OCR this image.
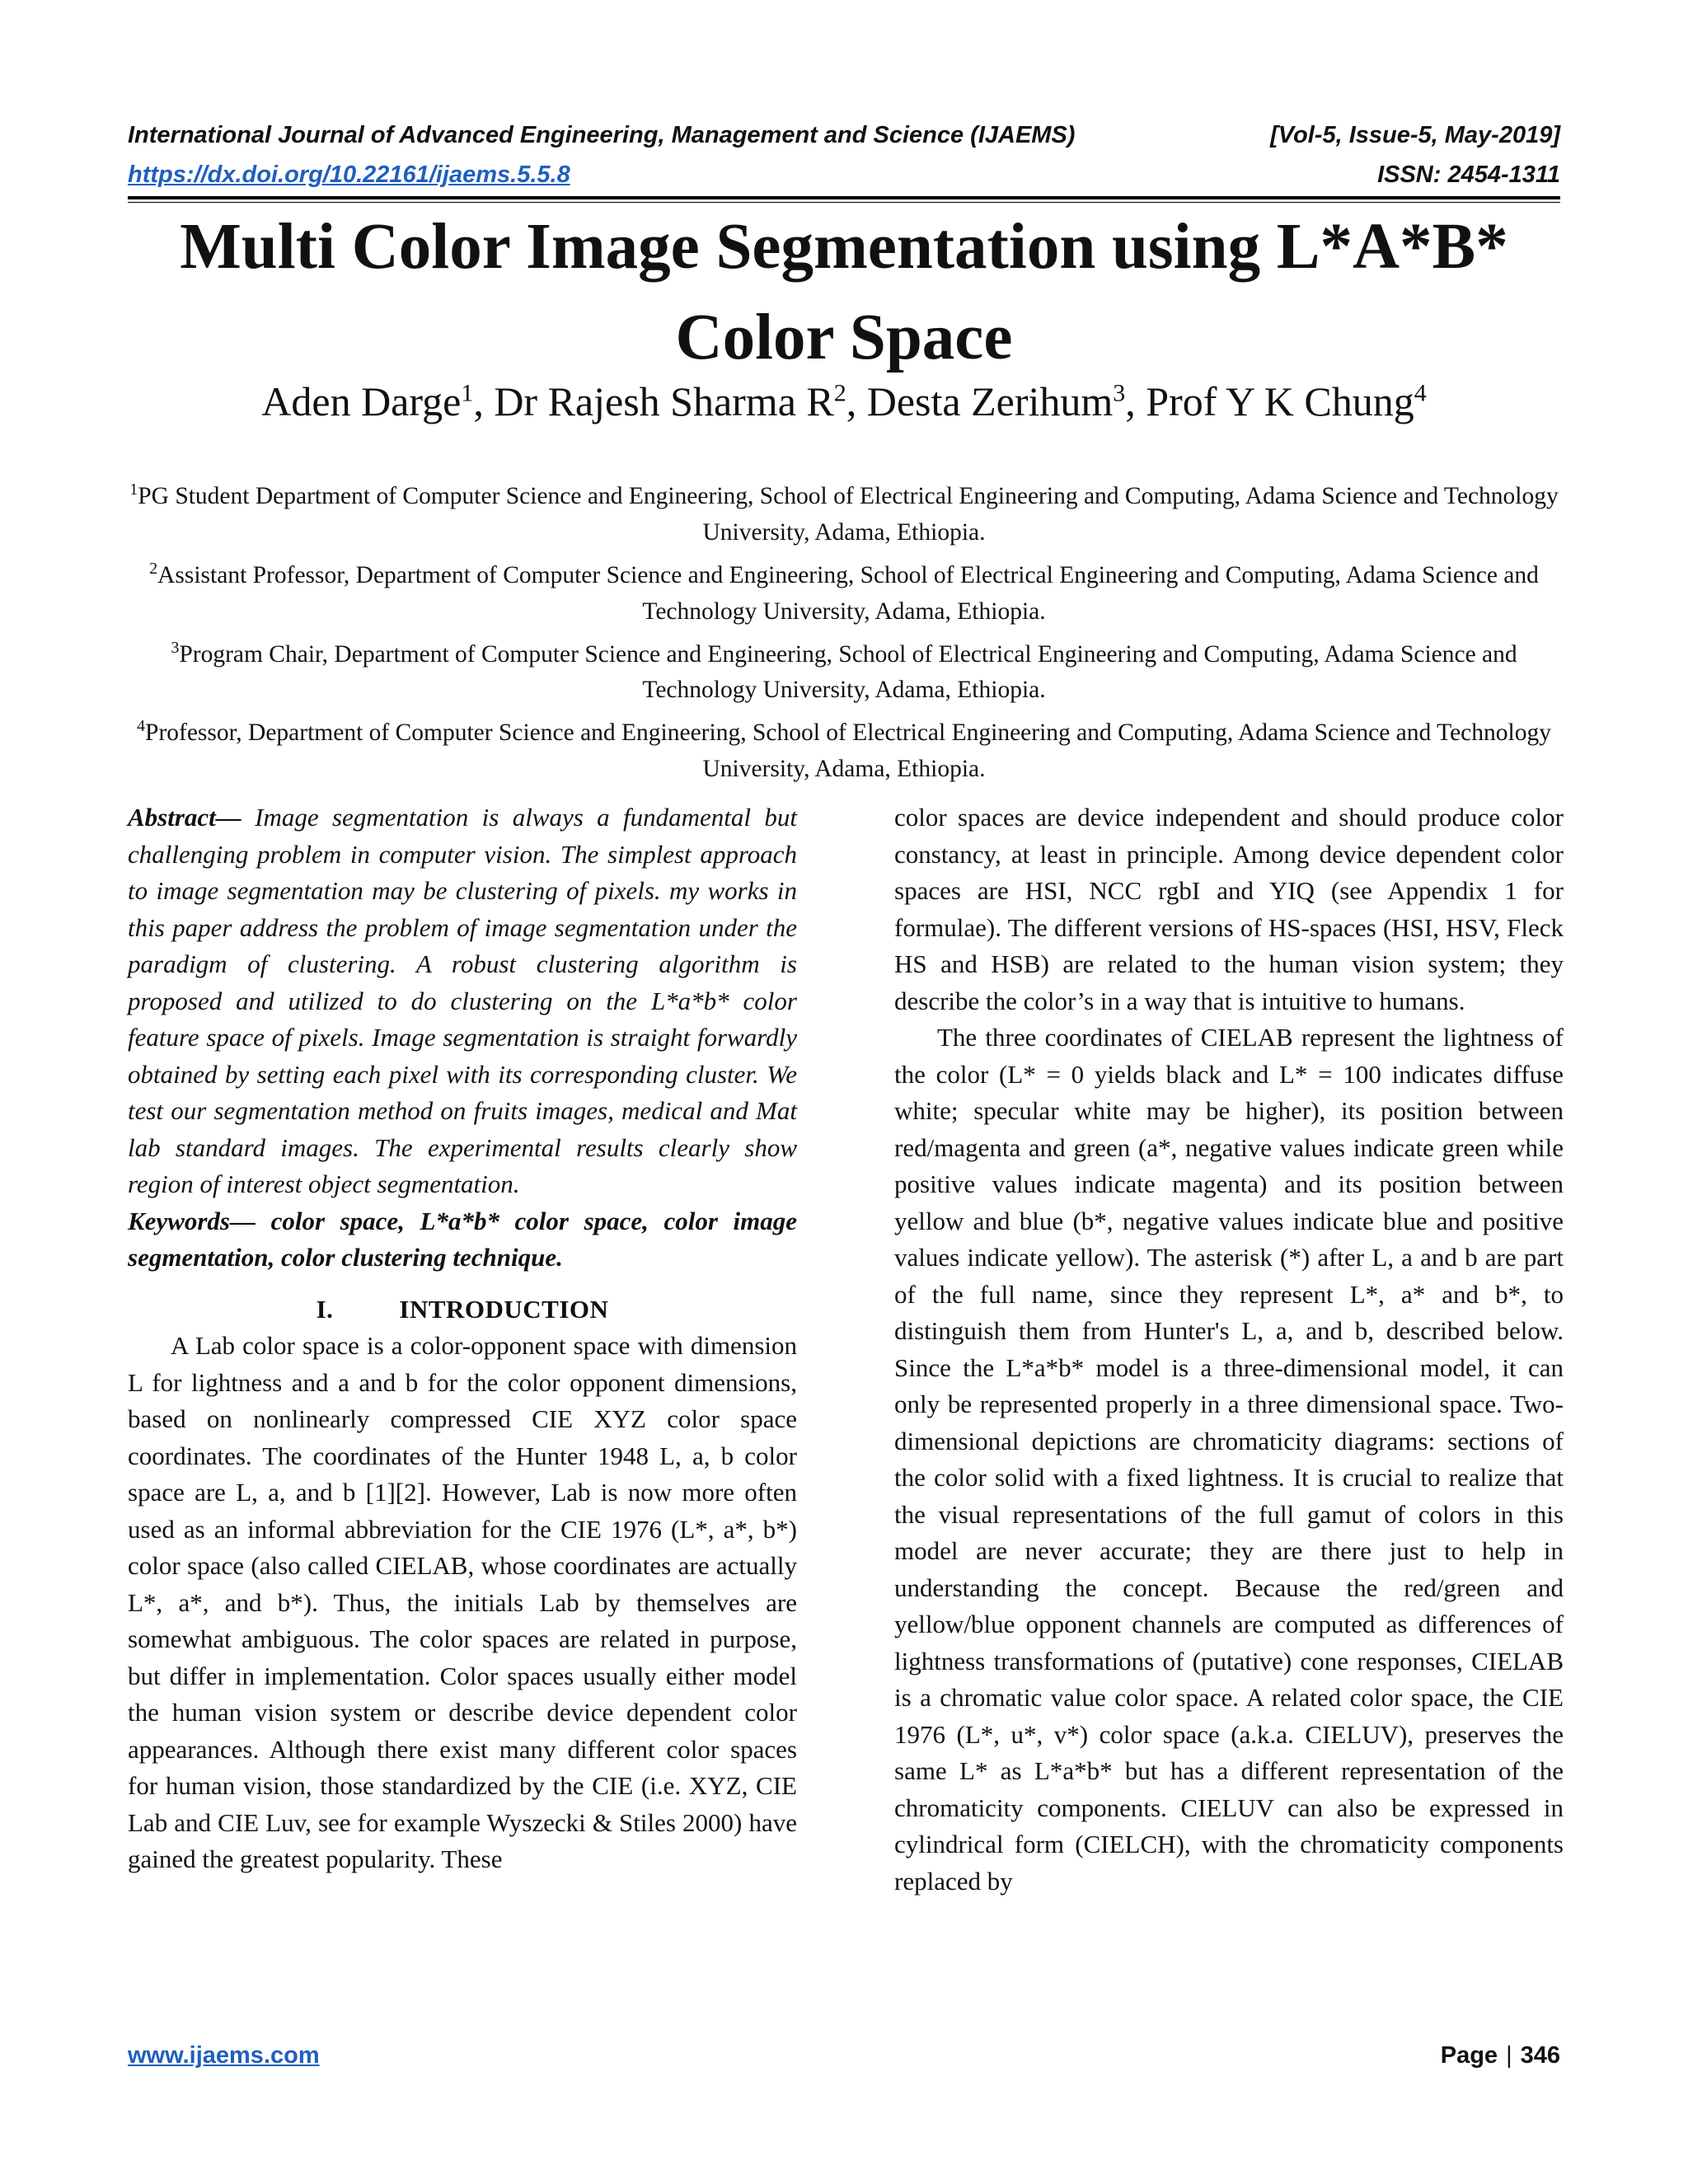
International Journal of Advanced Engineering, Management and Science (IJAEMS)	[Vol-5, Issue-5, May-2019]
https://dx.doi.org/10.22161/ijaems.5.5.8	ISSN: 2454-1311
Multi Color Image Segmentation using L*A*B*
Color Space
Aden Darge$^1$, Dr Rajesh Sharma $R^2$, Desta Zerihum$^3$, Prof Y K Chung$^4$

$^1$PG Student Department of Computer Science and Engineering, School of Electrical Engineering and Computing, Adama Science and Technology University, Adama, Ethiopia.

$^2$Assistant Professor, Department of Computer Science and Engineering, School of Electrical Engineering and Computing, Adama Science and Technology University, Adama, Ethiopia.

$^3$Program Chair, Department of Computer Science and Engineering, School of Electrical Engineering and Computing, Adama Science and Technology University, Adama, Ethiopia.

$^4$Professor, Department of Computer Science and Engineering, School of Electrical Engineering and Computing, Adama Science and Technology University, Adama, Ethiopia.

Abstract— Image segmentation is always a fundamental but challenging problem in computer vision. The simplest approach to image segmentation may be clustering of pixels. my works in this paper address the problem of image segmentation under the paradigm of clustering. A robust clustering algorithm is proposed and utilized to do clustering on the L*a*b* color feature space of pixels. Image segmentation is straight forwardly obtained by setting each pixel with its corresponding cluster. We test our segmentation method on fruits images, medical and Mat lab standard images. The experimental results clearly show region of interest object segmentation.

Keywords— color space, L*a*b* color space, color image segmentation, color clustering technique.

I.	INTRODUCTION

A Lab color space is a color-opponent space with dimension L for lightness and a and b for the color opponent dimensions, based on nonlinearly compressed CIE XYZ color space coordinates. The coordinates of the Hunter 1948 L, a, b color space are L, a, and b [1][2]. However, Lab is now more often used as an informal abbreviation for the CIE 1976 (L*, a*, b*) color space (also called CIELAB, whose coordinates are actually L*, a*, and b*). Thus, the initials Lab by themselves are somewhat ambiguous. The color spaces are related in purpose, but differ in implementation. Color spaces usually either model the human vision system or describe device dependent color appearances. Although there exist many different color spaces for human vision, those standardized by the CIE (i.e. XYZ, CIE Lab and CIE Luv, see for example Wyszecki & Stiles 2000) have gained the greatest popularity. These

color spaces are device independent and should produce color constancy, at least in principle. Among device dependent color spaces are HSI, NCC rgbI and YIQ (see Appendix 1 for formulae). The different versions of HS-spaces (HSI, HSV, Fleck HS and HSB) are related to the human vision system; they describe the color’s in a way that is intuitive to humans.

The three coordinates of CIELAB represent the lightness of the color (L* = 0 yields black and L* = 100 indicates diffuse white; specular white may be higher), its position between red/magenta and green (a*, negative values indicate green while positive values indicate magenta) and its position between yellow and blue (b*, negative values indicate blue and positive values indicate yellow). The asterisk (*) after L, a and b are part of the full name, since they represent L*, a* and b*, to distinguish them from Hunter's L, a, and b, described below. Since the L*a*b* model is a three-dimensional model, it can only be represented properly in a three dimensional space. Two-dimensional depictions are chromaticity diagrams: sections of the color solid with a fixed lightness. It is crucial to realize that the visual representations of the full gamut of colors in this model are never accurate; they are there just to help in understanding the concept. Because the red/green and yellow/blue opponent channels are computed as differences of lightness transformations of (putative) cone responses, CIELAB is a chromatic value color space. A related color space, the CIE 1976 (L*, u*, v*) color space (a.k.a. CIELUV), preserves the same L* as L*a*b* but has a different representation of the chromaticity components. CIELUV can also be expressed in cylindrical form (CIELCH), with the chromaticity components replaced by

www.ijaems.com	Page | 346
